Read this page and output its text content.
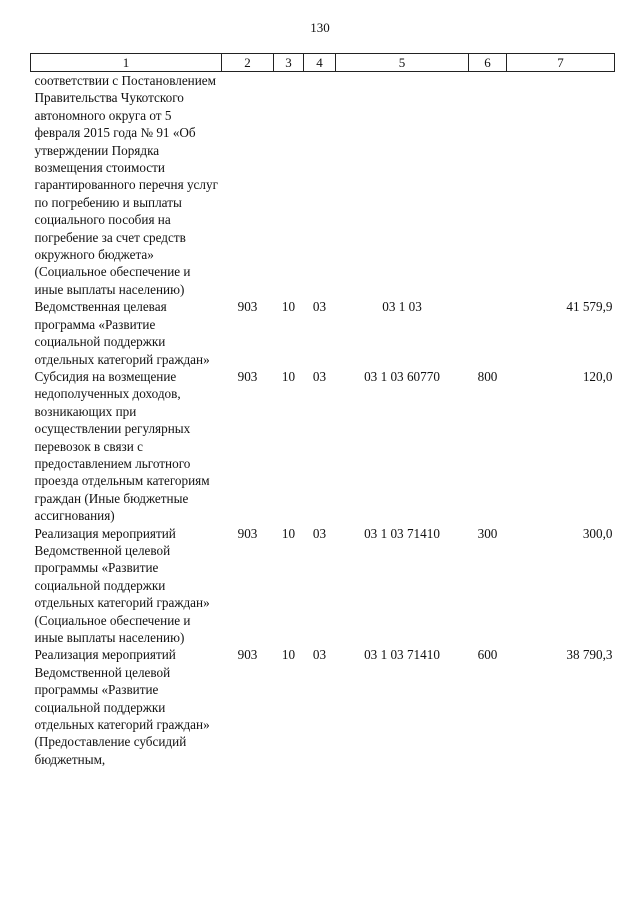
130
1	2	3	4	5	6	7
соответствии с Постановлением Правительства Чукотского автономного округа от 5 февраля 2015 года № 91 «Об утверждении Порядка возмещения стоимости гарантированного перечня услуг по погребению и выплаты социального пособия на погребение за счет средств окружного бюджета» (Социальное обеспечение и иные выплаты населению)						
Ведомственная целевая программа «Развитие социальной поддержки отдельных категорий граждан»	903	10	03	03 1 03		41 579,9
Субсидия на возмещение недополученных доходов, возникающих при осуществлении регулярных перевозок в связи с предоставлением льготного проезда отдельным категориям граждан (Иные бюджетные ассигнования)	903	10	03	03 1 03 60770	800	120,0
Реализация мероприятий Ведомственной целевой программы «Развитие социальной поддержки отдельных категорий граждан» (Социальное обеспечение и иные выплаты населению)	903	10	03	03 1 03 71410	300	300,0
Реализация мероприятий Ведомственной целевой программы «Развитие социальной поддержки отдельных категорий граждан» (Предоставление субсидий бюджетным,	903	10	03	03 1 03 71410	600	38 790,3
